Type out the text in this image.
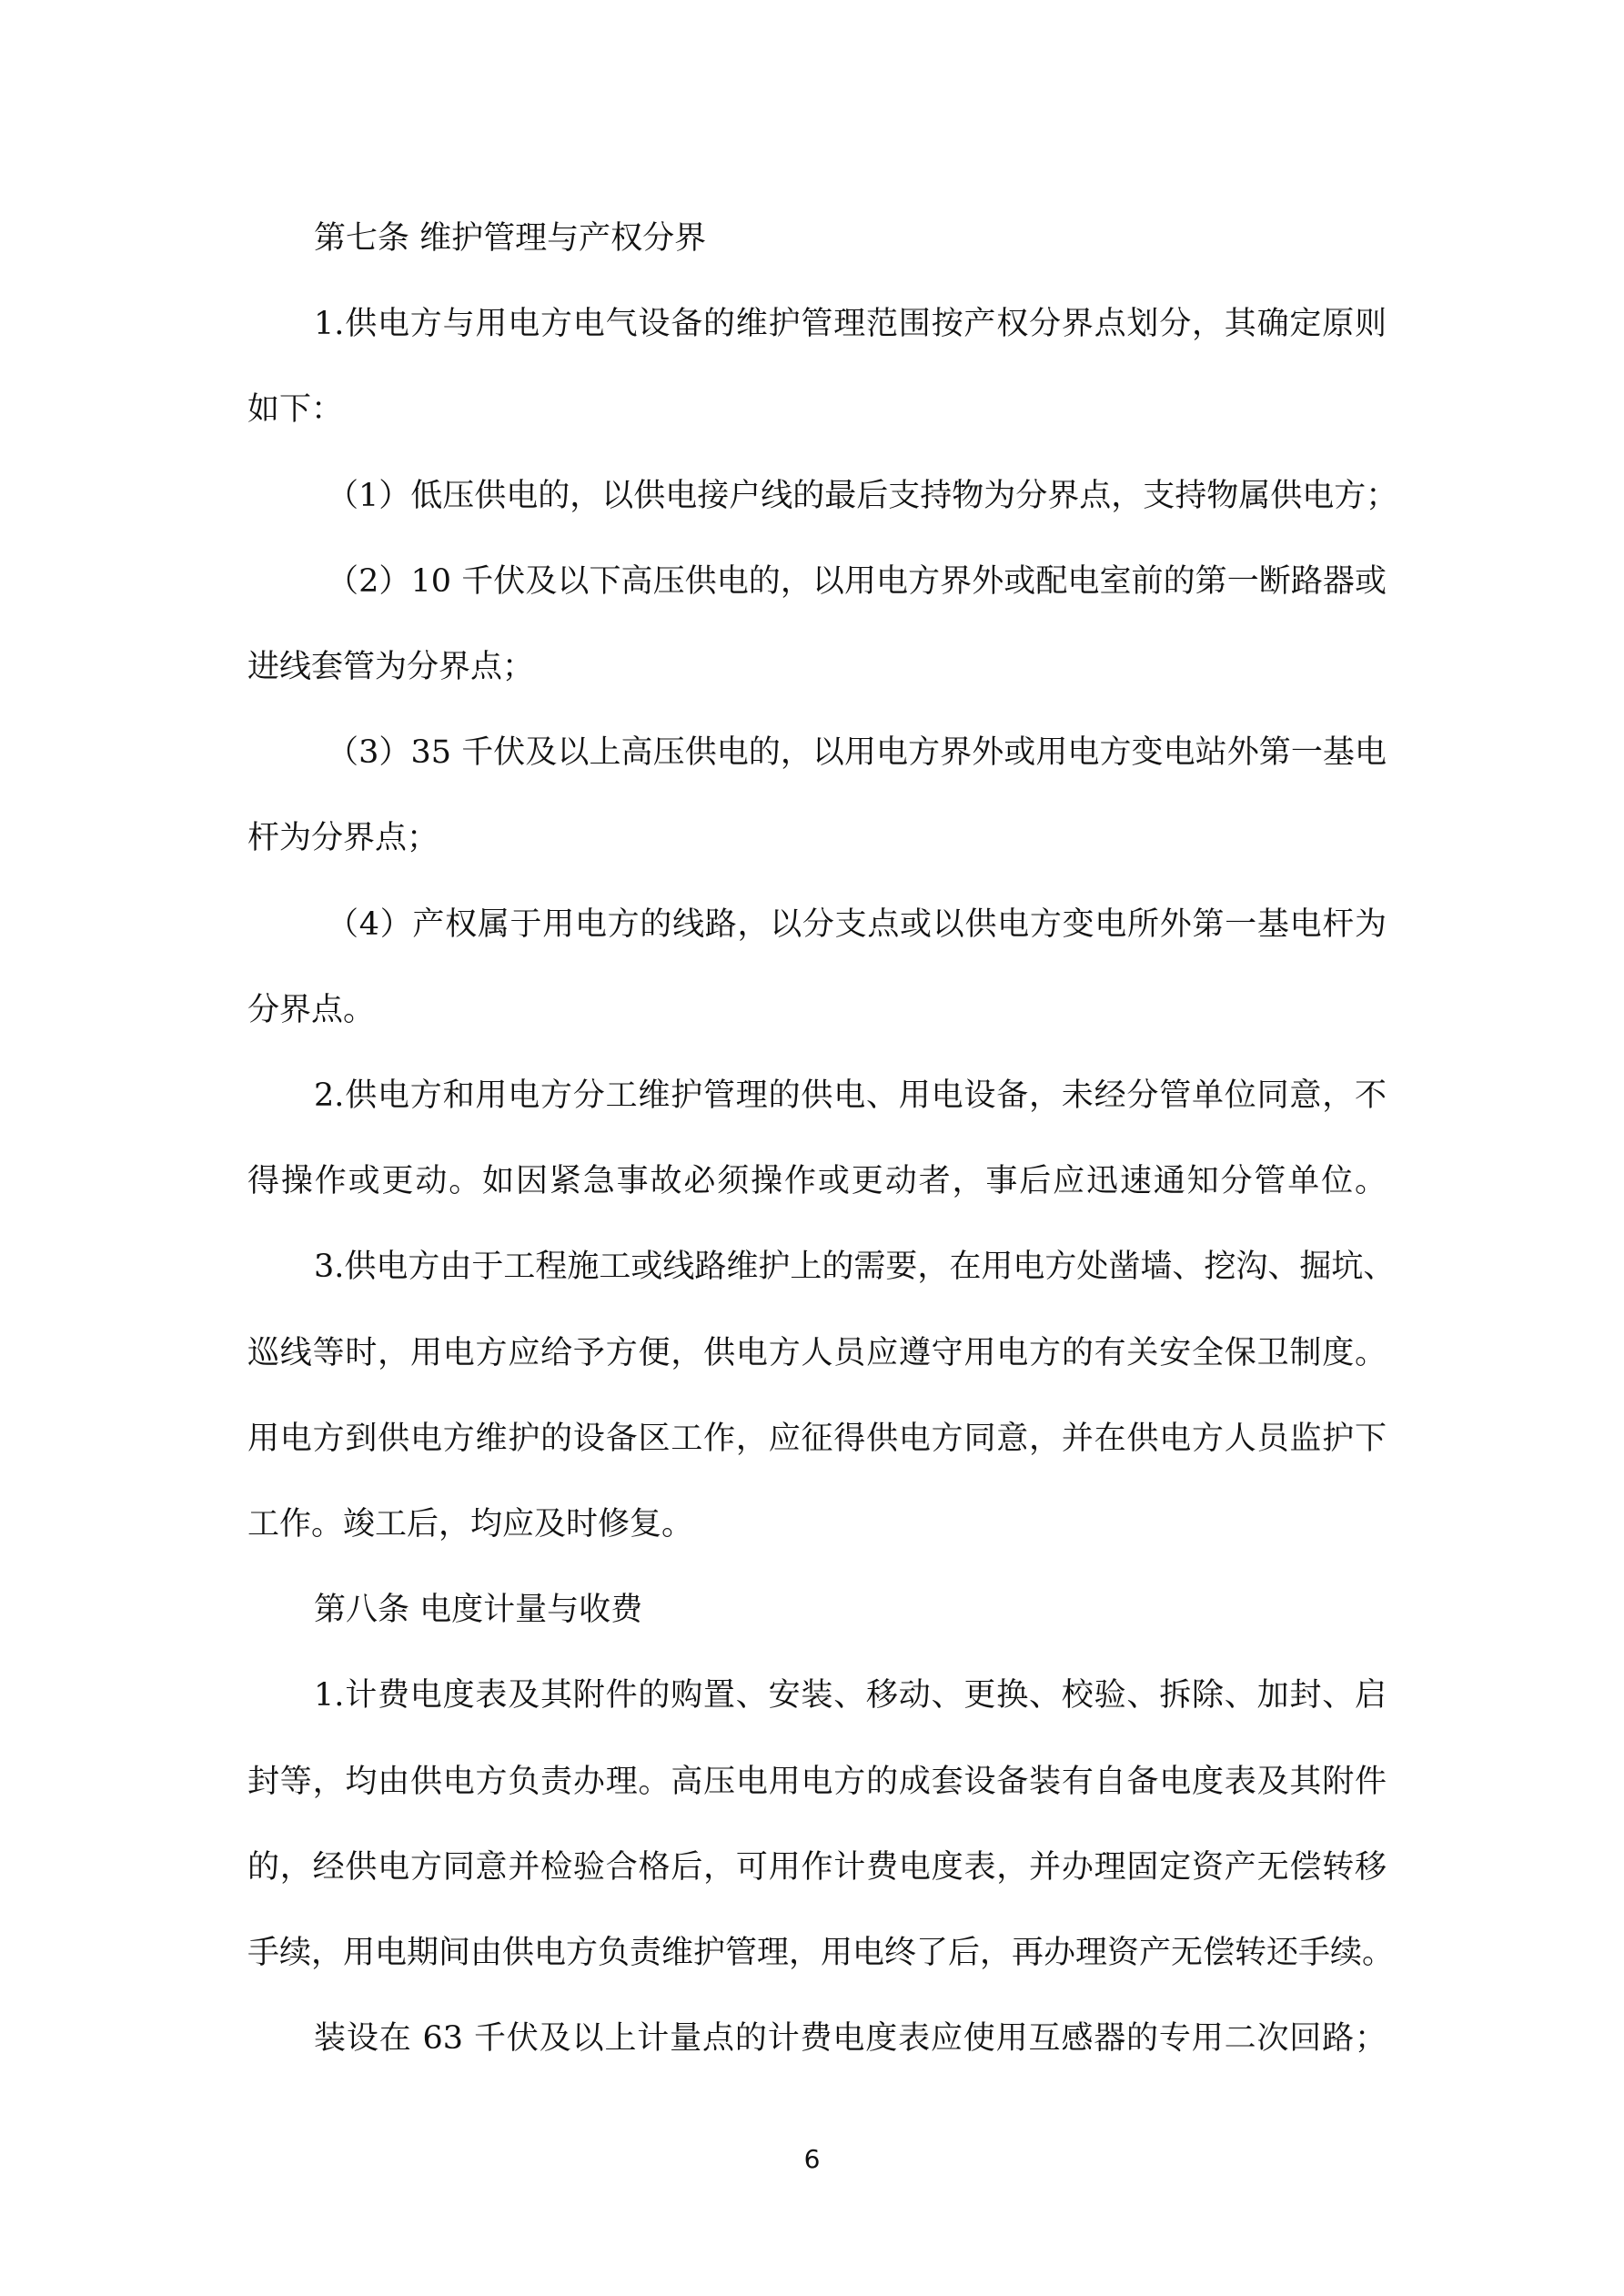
第七条 维护管理与产权分界
1.供电方与用电方电气设备的维护管理范围按产权分界点划分，其确定原则
如下：
（1）低压供电的，以供电接户线的最后支持物为分界点，支持物属供电方；
（2）10 千伏及以下高压供电的，以用电方界外或配电室前的第一断路器或
进线套管为分界点；
（3）35 千伏及以上高压供电的，以用电方界外或用电方变电站外第一基电
杆为分界点；
（4）产权属于用电方的线路，以分支点或以供电方变电所外第一基电杆为
分界点。
2.供电方和用电方分工维护管理的供电、用电设备，未经分管单位同意，不
得操作或更动。如因紧急事故必须操作或更动者，事后应迅速通知分管单位。
3.供电方由于工程施工或线路维护上的需要，在用电方处凿墙、挖沟、掘坑、
巡线等时，用电方应给予方便，供电方人员应遵守用电方的有关安全保卫制度。
用电方到供电方维护的设备区工作，应征得供电方同意，并在供电方人员监护下
工作。竣工后，均应及时修复。
第八条 电度计量与收费
1.计费电度表及其附件的购置、安装、移动、更换、校验、拆除、加封、启
封等，均由供电方负责办理。高压电用电方的成套设备装有自备电度表及其附件
的，经供电方同意并检验合格后，可用作计费电度表，并办理固定资产无偿转移
手续，用电期间由供电方负责维护管理，用电终了后，再办理资产无偿转还手续。
装设在 63 千伏及以上计量点的计费电度表应使用互感器的专用二次回路；
6
